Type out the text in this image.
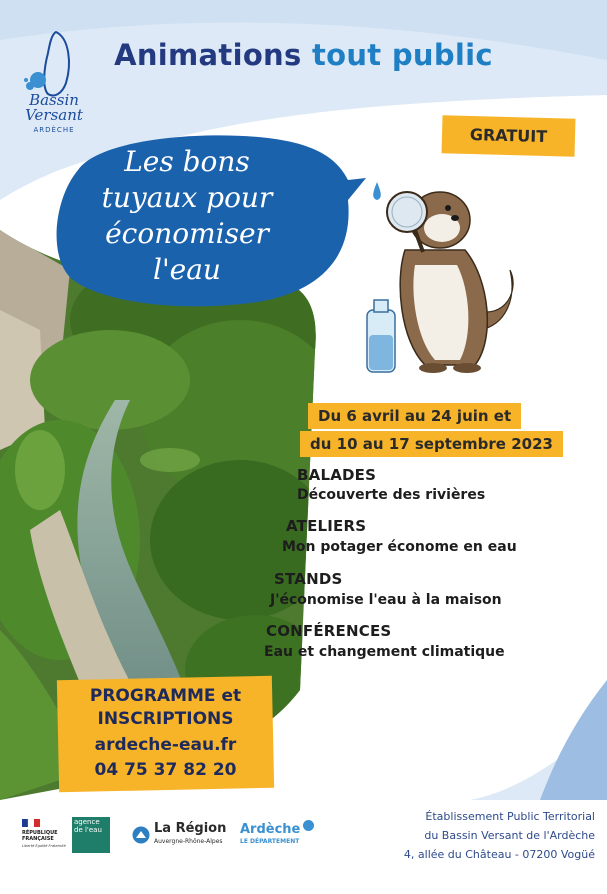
Les bons
tuyaux pour
économiser
l'eau
Bassin
Versant
ARDÈCHE
Animations tout public
GRATUIT
Du 6 avril au 24 juin et
du 10 au 17 septembre 2023
BALADES
Découverte des rivières
ATELIERS
Mon potager économe en eau
STANDS
J'économise l'eau à la maison
CONFÉRENCES
Eau et changement climatique
PROGRAMME et
INSCRIPTIONS
ardeche-eau.fr
04 75 37 82 20
RÉPUBLIQUE
FRANÇAISE
Liberté Égalité Fraternité
agence de l'eau	La Région
Auvergne-Rhône-Alpes
Ardèche
LE DÉPARTEMENT
Établissement Public Territorial
du Bassin Versant de l'Ardèche
4, allée du Château - 07200 Vogüé
